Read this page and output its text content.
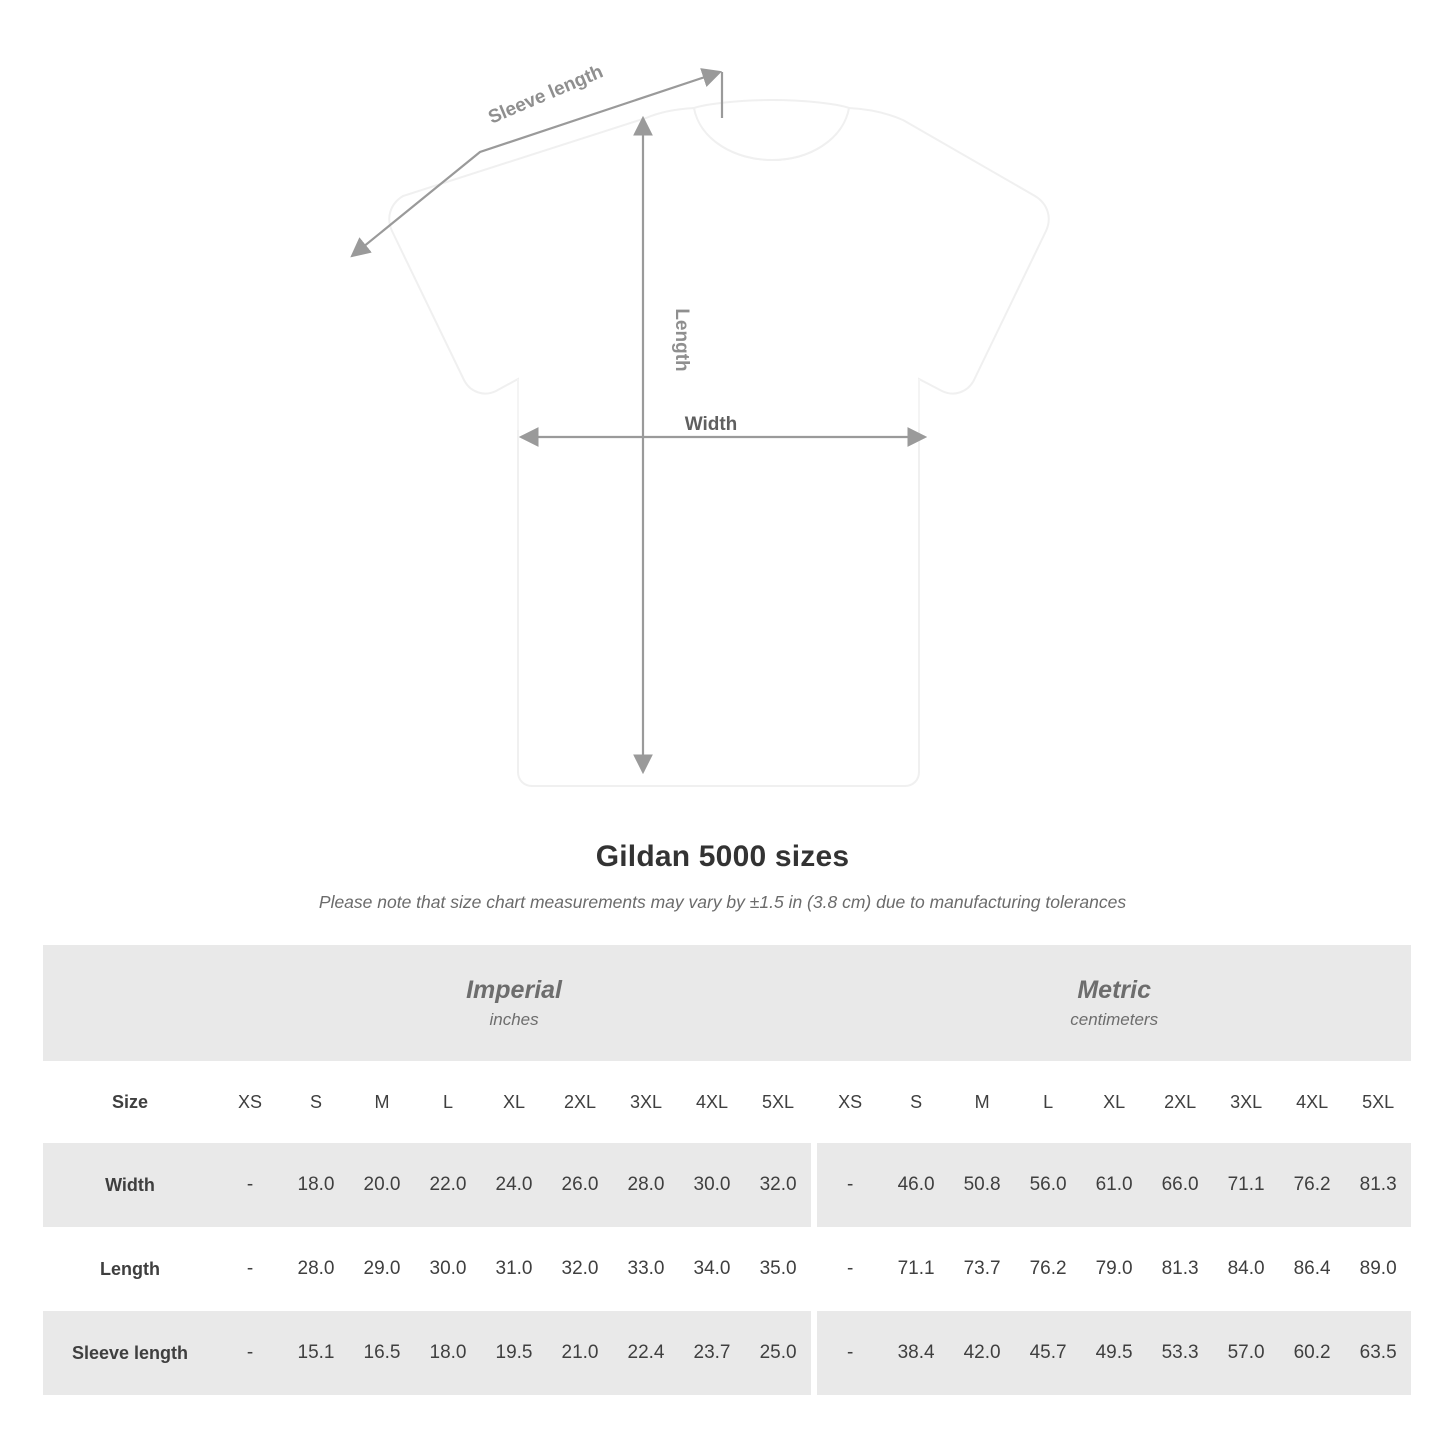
Sleeve length
Length
Width
Gildan 5000 sizes
Please note that size chart measurements may vary by ±1.5 in (3.8 cm) due to manufacturing tolerances

Imperial
inches

Metric
centimeters

Size	XS	S	M	L	XL	2XL	3XL	4XL	5XL		XS	S	M	L	XL	2XL	3XL	4XL	5XL
Width	-	18.0	20.0	22.0	24.0	26.0	28.0	30.0	32.0		-	46.0	50.8	56.0	61.0	66.0	71.1	76.2	81.3
Length	-	28.0	29.0	30.0	31.0	32.0	33.0	34.0	35.0		-	71.1	73.7	76.2	79.0	81.3	84.0	86.4	89.0
Sleeve length	-	15.1	16.5	18.0	19.5	21.0	22.4	23.7	25.0		-	38.4	42.0	45.7	49.5	53.3	57.0	60.2	63.5
